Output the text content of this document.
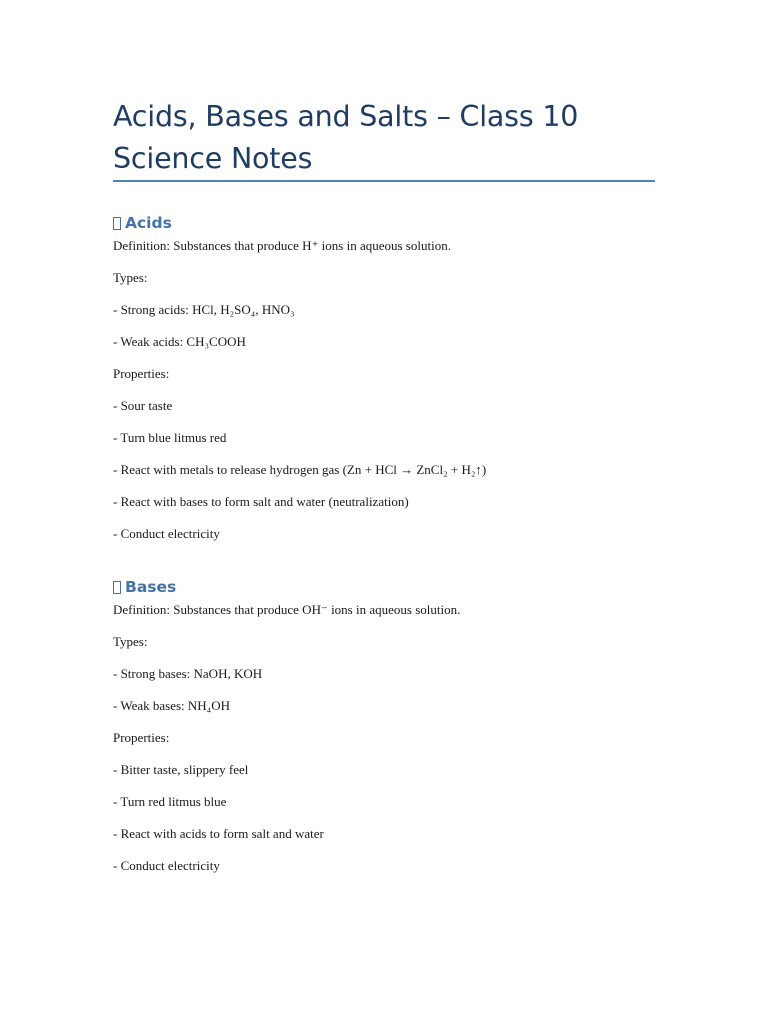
Acids, Bases and Salts – Class 10 Science Notes
Acids
Definition: Substances that produce H⁺ ions in aqueous solution.
Types:
- Strong acids: HCl, H₂SO₄, HNO₃
- Weak acids: CH₃COOH
Properties:
- Sour taste
- Turn blue litmus red
- React with metals to release hydrogen gas (Zn + HCl → ZnCl₂ + H₂↑)
- React with bases to form salt and water (neutralization)
- Conduct electricity
Bases
Definition: Substances that produce OH⁻ ions in aqueous solution.
Types:
- Strong bases: NaOH, KOH
- Weak bases: NH₄OH
Properties:
- Bitter taste, slippery feel
- Turn red litmus blue
- React with acids to form salt and water
- Conduct electricity
